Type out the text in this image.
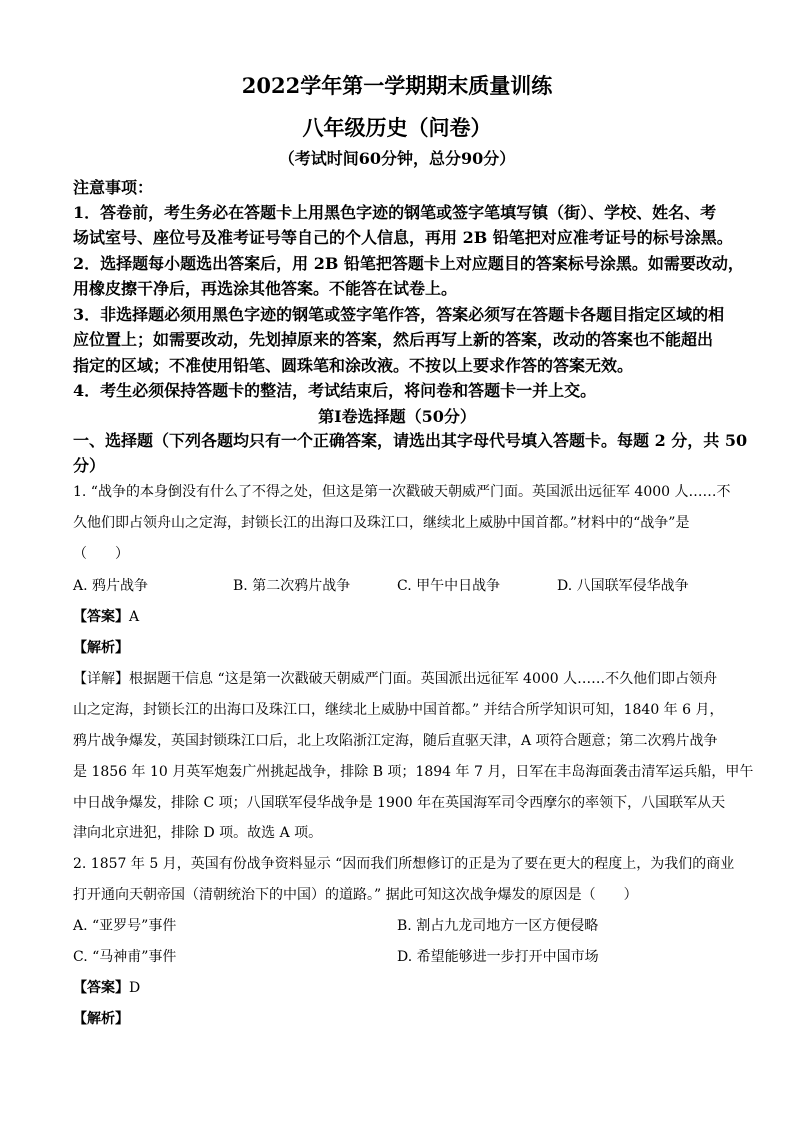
2022学年第一学期期末质量训练
八年级历史（问卷）
（考试时间60分钟，总分90分）
注意事项：
1．答卷前，考生务必在答题卡上用黑色字迹的钢笔或签字笔填写镇（街）、学校、姓名、考
场试室号、座位号及准考证号等自己的个人信息，再用 2B 铅笔把对应准考证号的标号涂黑。
2．选择题每小题选出答案后，用 2B 铅笔把答题卡上对应题目的答案标号涂黑。如需要改动，
用橡皮擦干净后，再选涂其他答案。不能答在试卷上。
3．非选择题必须用黑色字迹的钢笔或签字笔作答，答案必须写在答题卡各题目指定区域的相
应位置上；如需要改动，先划掉原来的答案，然后再写上新的答案，改动的答案也不能超出
指定的区域；不准使用铅笔、圆珠笔和涂改液。不按以上要求作答的答案无效。
4．考生必须保持答题卡的整洁，考试结束后，将问卷和答题卡一并上交。
第Ⅰ卷选择题（50分）
一、选择题（下列各题均只有一个正确答案，请选出其字母代号填入答题卡。每题 2 分，共 50
分）
1. “战争的本身倒没有什么了不得之处，但这是第一次戳破天朝威严门面。英国派出远征军 4000 人……不
久他们即占领舟山之定海，封锁长江的出海口及珠江口，继续北上威胁中国首都。”材料中的“战争”是
（　　）
A. 鸦片战争	B. 第二次鸦片战争	C. 甲午中日战争	D. 八国联军侵华战争
【答案】A
【解析】
【详解】根据题干信息 “这是第一次戳破天朝威严门面。英国派出远征军 4000 人……不久他们即占领舟
山之定海，封锁长江的出海口及珠江口，继续北上威胁中国首都。” 并结合所学知识可知，1840 年 6 月，
鸦片战争爆发，英国封锁珠江口后，北上攻陷浙江定海，随后直驱天津，A 项符合题意；第二次鸦片战争
是 1856 年 10 月英军炮轰广州挑起战争，排除 B 项；1894 年 7 月，日军在丰岛海面袭击清军运兵船，甲午
中日战争爆发，排除 C 项；八国联军侵华战争是 1900 年在英国海军司令西摩尔的率领下，八国联军从天
津向北京进犯，排除 D 项。故选 A 项。
2. 1857 年 5 月，英国有份战争资料显示 “因而我们所想修订的正是为了要在更大的程度上，为我们的商业
打开通向天朝帝国（清朝统治下的中国）的道路。” 据此可知这次战争爆发的原因是（　　）
A. “亚罗号”事件	B. 割占九龙司地方一区方便侵略
C. “马神甫”事件	D. 希望能够进一步打开中国市场
【答案】D
【解析】
